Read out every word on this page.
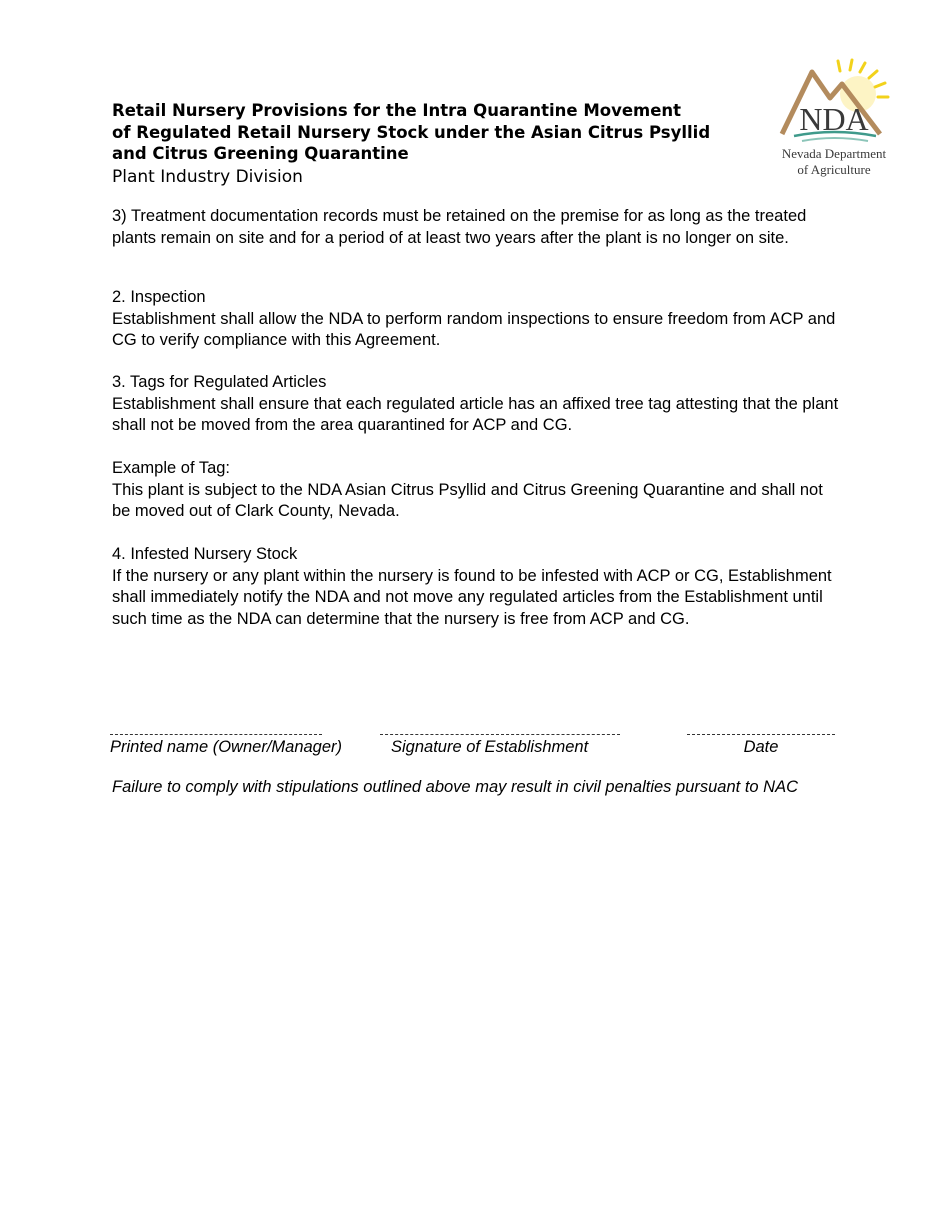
Retail Nursery Provisions for the Intra Quarantine Movement
of Regulated Retail Nursery Stock under the Asian Citrus Psyllid
and Citrus Greening Quarantine
Plant Industry Division
NDA
Nevada Department
of Agriculture

3) Treatment documentation records must be retained on the premise for as long as the treated plants remain on site and for a period of at least two years after the plant is no longer on site.

2. Inspection

Establishment shall allow the NDA to perform random inspections to ensure freedom from ACP and CG to verify compliance with this Agreement.

3. Tags for Regulated Articles

Establishment shall ensure that each regulated article has an affixed tree tag attesting that the plant shall not be moved from the area quarantined for ACP and CG.

Example of Tag:

This plant is subject to the NDA Asian Citrus Psyllid and Citrus Greening Quarantine and shall not be moved out of Clark County, Nevada.

4. Infested Nursery Stock

If the nursery or any plant within the nursery is found to be infested with ACP or CG, Establishment shall immediately notify the NDA and not move any regulated articles from the Establishment until such time as the NDA can determine that the nursery is free from ACP and CG.

Printed name (Owner/Manager)	Signature of Establishment	Date
Failure to comply with stipulations outlined above may result in civil penalties pursuant to NAC
